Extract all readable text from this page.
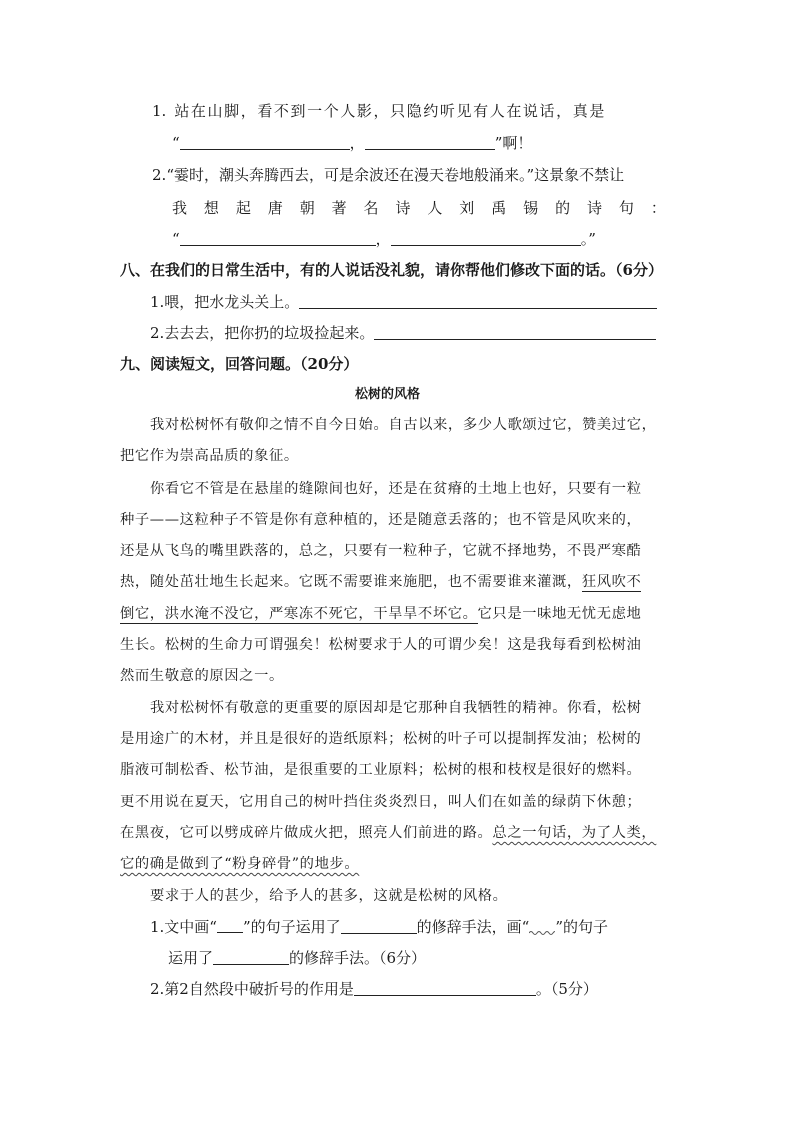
1. 站在山脚，看不到一个人影，只隐约听见有人在说话，真是
“	，	”啊！
2.“霎时，潮头奔腾西去，可是余波还在漫天卷地般涌来。”这景象不禁让
我 想 起 唐 朝 著 名 诗 人 刘 禹 锡 的 诗 句 ：
“	，	。”
八、在我们的日常生活中，有的人说话没礼貌，请你帮他们修改下面的话。（6分）
1.喂，把水龙头关上。
2.去去去，把你扔的垃圾捡起来。
九、阅读短文，回答问题。（20分）
松树的风格
我对松树怀有敬仰之情不自今日始。自古以来，多少人歌颂过它，赞美过它，
把它作为崇高品质的象征。
你看它不管是在悬崖的缝隙间也好，还是在贫瘠的土地上也好，只要有一粒
种子——这粒种子不管是你有意种植的，还是随意丢落的；也不管是风吹来的，
还是从飞鸟的嘴里跌落的，总之，只要有一粒种子，它就不择地势，不畏严寒酷
热，随处茁壮地生长起来。它既不需要谁来施肥，也不需要谁来灌溉，狂风吹不
倒它，洪水淹不没它，严寒冻不死它，干旱旱不坏它。它只是一味地无忧无虑地
生长。松树的生命力可谓强矣！松树要求于人的可谓少矣！这是我每看到松树油
然而生敬意的原因之一。
我对松树怀有敬意的更重要的原因却是它那种自我牺牲的精神。你看，松树
是用途广的木材，并且是很好的造纸原料；松树的叶子可以提制挥发油；松树的
脂液可制松香、松节油，是很重要的工业原料；松树的根和枝杈是很好的燃料。
更不用说在夏天，它用自己的树叶挡住炎炎烈日，叫人们在如盖的绿荫下休憩；
在黑夜，它可以劈成碎片做成火把，照亮人们前进的路。总之一句话，为了人类，
它的确是做到了“粉身碎骨”的地步。
要求于人的甚少，给予人的甚多，这就是松树的风格。
1.文中画“ ”的句子运用了	的修辞手法，画“ ”的句子
运用了	的修辞手法。（6分）
2.第2自然段中破折号的作用是	。（5分）
